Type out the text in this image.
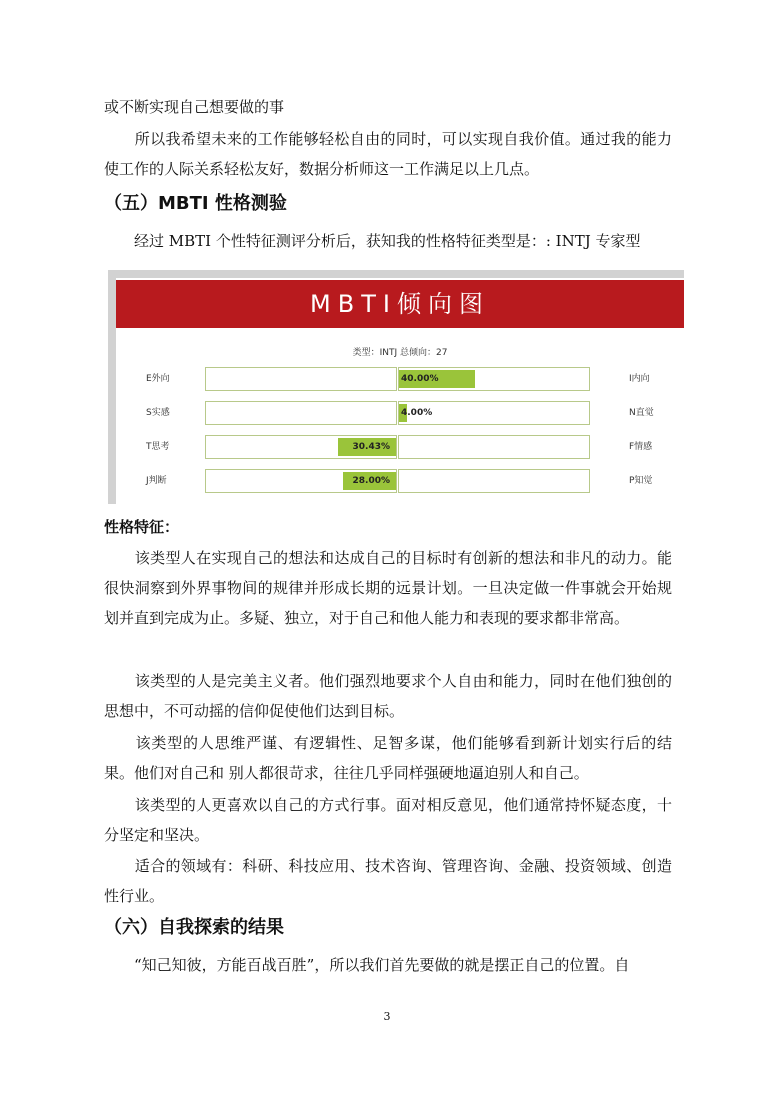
或不断实现自己想要做的事

　　所以我希望未来的工作能够轻松自由的同时，可以实现自我价值。通过我的能力使工作的人际关系轻松友好，数据分析师这一工作满足以上几点。

（五）MBTI 性格测验

　　经过 MBTI 个性特征测评分析后，获知我的性格特征类型是：: INTJ 专家型

MBTI倾向图
类型：INTJ 总倾向：27
E外向	40.00%	I内向
S实感	4.00%	N直觉
T思考	30.43%	F情感
J判断	28.00%	P知觉
性格特征：

　　该类型人在实现自己的想法和达成自己的目标时有创新的想法和非凡的动力。能很快洞察到外界事物间的规律并形成长期的远景计划。一旦决定做一件事就会开始规划并直到完成为止。多疑、独立，对于自己和他人能力和表现的要求都非常高。

　　该类型的人是完美主义者。他们强烈地要求个人自由和能力，同时在他们独创的思想中，不可动摇的信仰促使他们达到目标。

　　该类型的人思维严谨、有逻辑性、足智多谋，他们能够看到新计划实行后的结果。他们对自己和 别人都很苛求，往往几乎同样强硬地逼迫别人和自己。

　　该类型的人更喜欢以自己的方式行事。面对相反意见，他们通常持怀疑态度，十分坚定和坚决。

　　适合的领域有：科研、科技应用、技术咨询、管理咨询、金融、投资领域、创造性行业。

（六）自我探索的结果

　　“知己知彼，方能百战百胜”，所以我们首先要做的就是摆正自己的位置。自

3
